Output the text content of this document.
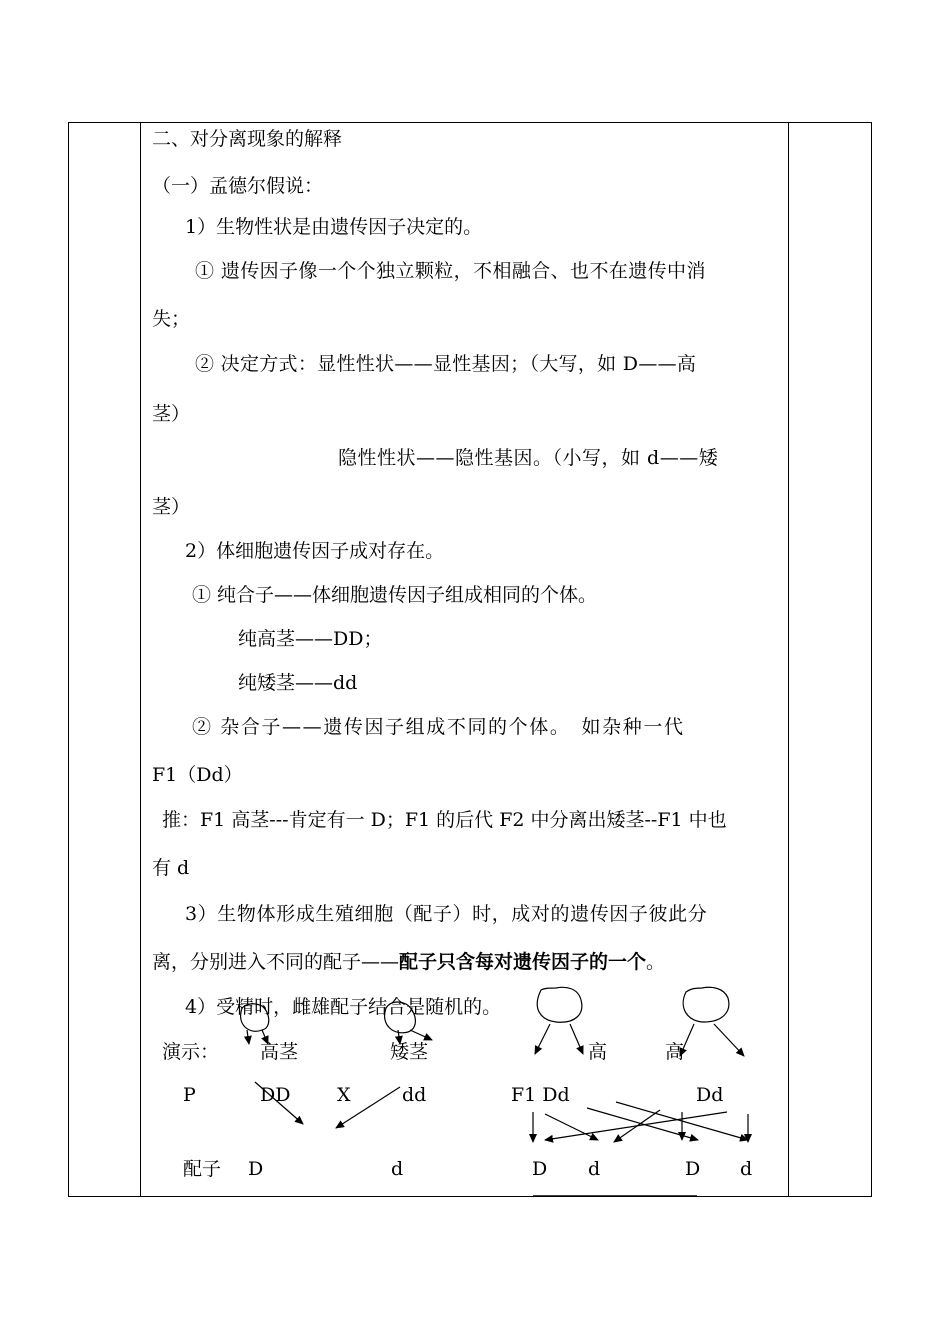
二、对分离现象的解释
（一）孟德尔假说：
1）生物性状是由遗传因子决定的。
① 遗传因子像一个个独立颗粒，不相融合、也不在遗传中消
失；
② 决定方式：显性性状——显性基因；（大写，如 D——高
茎）
隐性性状——隐性基因。（小写，如 d——矮
茎）
2）体细胞遗传因子成对存在。
① 纯合子——体细胞遗传因子组成相同的个体。
纯高茎——DD；
纯矮茎——dd
② 杂合子——遗传因子组成不同的个体。　如杂种一代
F1（Dd）
推：F1 高茎---肯定有一 D；F1 的后代 F2 中分离出矮茎--F1 中也
有 d
3）生物体形成生殖细胞（配子）时，成对的遗传因子彼此分
离，分别进入不同的配子——配子只含每对遗传因子的一个。
4）受精时，雌雄配子结合是随机的。
演示： 高茎	矮茎	高	高
P	DD X	dd	F1 Dd	Dd
配子 D	d	D d	D d
